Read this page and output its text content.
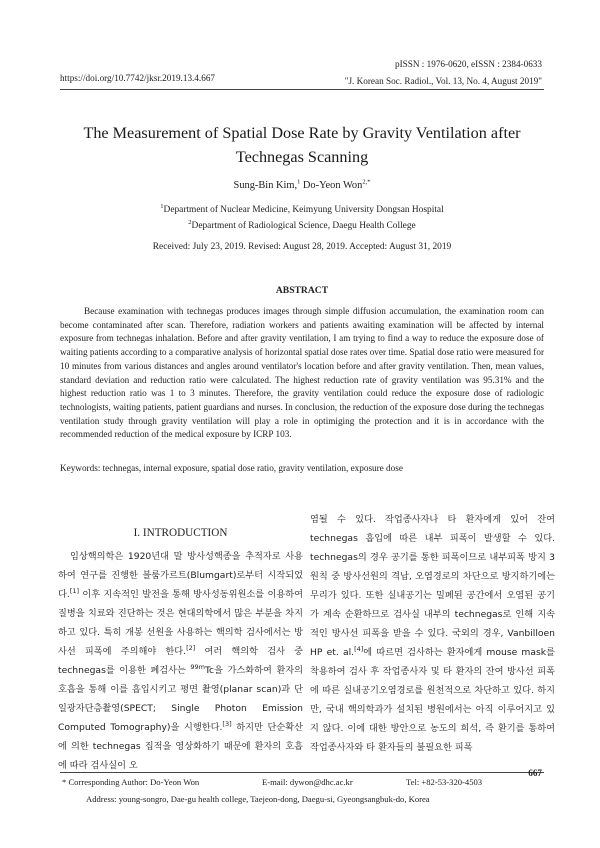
pISSN : 1976-0620, eISSN : 2384-0633
"J. Korean Soc. Radiol., Vol. 13, No. 4, August 2019"
https://doi.org/10.7742/jksr.2019.13.4.667
The Measurement of Spatial Dose Rate by Gravity Ventilation after
Technegas Scanning
Sung-Bin Kim,$^1$ Do-Yeon Won$^{2,*}$
$^1$Department of Nuclear Medicine, Keimyung University Dongsan Hospital
$^2$Department of Radiological Science, Daegu Health College
Received: July 23, 2019. Revised: August 28, 2019. Accepted: August 31, 2019
ABSTRACT

Because examination with technegas produces images through simple diffusion accumulation, the examination room can become contaminated after scan. Therefore, radiation workers and patients awaiting examination will be affected by internal exposure from technegas inhalation. Before and after gravity ventilation, I am trying to find a way to reduce the exposure dose of waiting patients according to a comparative analysis of horizontal spatial dose rates over time. Spatial dose ratio were measured for 10 minutes from various distances and angles around ventilator's location before and after gravity ventilation. Then, mean values, standard deviation and reduction ratio were calculated. The highest reduction rate of gravity ventilation was 95.31% and the highest reduction ratio was 1 to 3 minutes. Therefore, the gravity ventilation could reduce the exposure dose of radiologic technologists, waiting patients, patient guardians and nurses. In conclusion, the reduction of the exposure dose during the technegas ventilation study through gravity ventilation will play a role in optimiging the protection and it is in accordance with the recommended reduction of the medical exposure by ICRP 103.

Keywords: technegas, internal exposure, spatial dose ratio, gravity ventilation, exposure dose
I. INTRODUCTION

임상핵의학은 1920년대 말 방사성핵종을 추적자로 사용하여 연구를 진행한 블룸가르트(Blumgart)로부터 시작되었다.[1] 이후 지속적인 발전을 통해 방사성동위원소를 이용하여 질병을 치료와 진단하는 것은 현대의학에서 많은 부분을 차지하고 있다. 특히 개봉 선원을 사용하는 핵의학 검사에서는 방사선 피폭에 주의해야 한다.[2] 여러 핵의학 검사 중 technegas를 이용한 폐검사는 $^{99m}$Tc을 가스화하여 환자의 호흡을 통해 이를 흡입시키고 평면 촬영(planar scan)과 단일광자단층촬영(SPECT; Single Photon Emission Computed Tomography)을 시행한다.[3] 하지만 단순확산에 의한 technegas 집적을 영상화하기 때문에 환자의 호흡에 따라 검사실이 오

염될 수 있다. 작업종사자나 타 환자에게 있어 잔여 technegas 흡입에 따른 내부 피폭이 발생할 수 있다. technegas의 경우 공기를 통한 피폭이므로 내부피폭 방지 3원칙 중 방사선원의 격납, 오염경로의 차단으로 방지하기에는 무리가 있다. 또한 실내공기는 밀폐된 공간에서 오염된 공기가 계속 순환하므로 검사실 내부의 technegas로 인해 지속적인 방사선 피폭을 받을 수 있다. 국외의 경우, Vanbilloen HP et. al.[4]에 따르면 검사하는 환자에게 mouse mask를 착용하여 검사 후 작업종사자 및 타 환자의 잔여 방사선 피폭에 따른 실내공기오염경로를 원천적으로 차단하고 있다. 하지만, 국내 핵의학과가 설치된 병원에서는 아직 이루어지고 있지 않다. 이에 대한 방안으로 농도의 희석, 즉 환기를 통하여 작업종사자와 타 환자들의 불필요한 피폭

667
* Corresponding Author: Do-Yeon Won	E-mail: dywon@dhc.ac.kr	Tel: +82-53-320-4503
Address: young-songro, Dae-gu health college, Taejeon-dong, Daegu-si, Gyeongsangbuk-do, Korea
